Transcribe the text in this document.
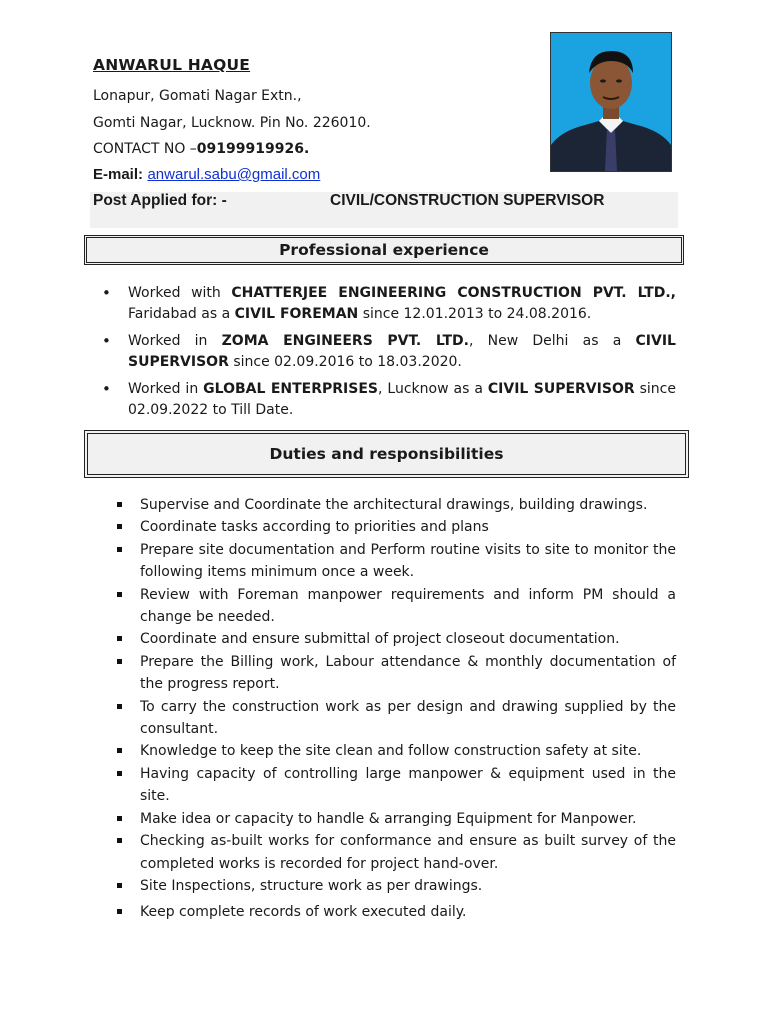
ANWARUL HAQUE
Lonapur, Gomati Nagar Extn.,
Gomti Nagar, Lucknow. Pin No. 226010.
CONTACT NO –09199919926.
E-mail: anwarul.sabu@gmail.com
Post Applied for: -	CIVIL/CONSTRUCTION SUPERVISOR
Professional experience
• Worked with CHATTERJEE ENGINEERING CONSTRUCTION PVT. LTD., Faridabad as a CIVIL FOREMAN since 12.01.2013 to 24.08.2016.
• Worked in ZOMA ENGINEERS PVT. LTD., New Delhi as a CIVIL SUPERVISOR since 02.09.2016 to 18.03.2020.
• Worked in GLOBAL ENTERPRISES, Lucknow as a CIVIL SUPERVISOR since 02.09.2022 to Till Date.
Duties and responsibilities
Supervise and Coordinate the architectural drawings, building drawings.
Coordinate tasks according to priorities and plans
Prepare site documentation and Perform routine visits to site to monitor the following items minimum once a week.
Review with Foreman manpower requirements and inform PM should a change be needed.
Coordinate and ensure submittal of project closeout documentation.
Prepare the Billing work, Labour attendance & monthly documentation of the progress report.
To carry the construction work as per design and drawing supplied by the consultant.
Knowledge to keep the site clean and follow construction safety at site.
Having capacity of controlling large manpower & equipment used in the site.
Make idea or capacity to handle & arranging Equipment for Manpower.
Checking as-built works for conformance and ensure as built survey of the completed works is recorded for project hand-over.
Site Inspections, structure work as per drawings.
Keep complete records of work executed daily.
